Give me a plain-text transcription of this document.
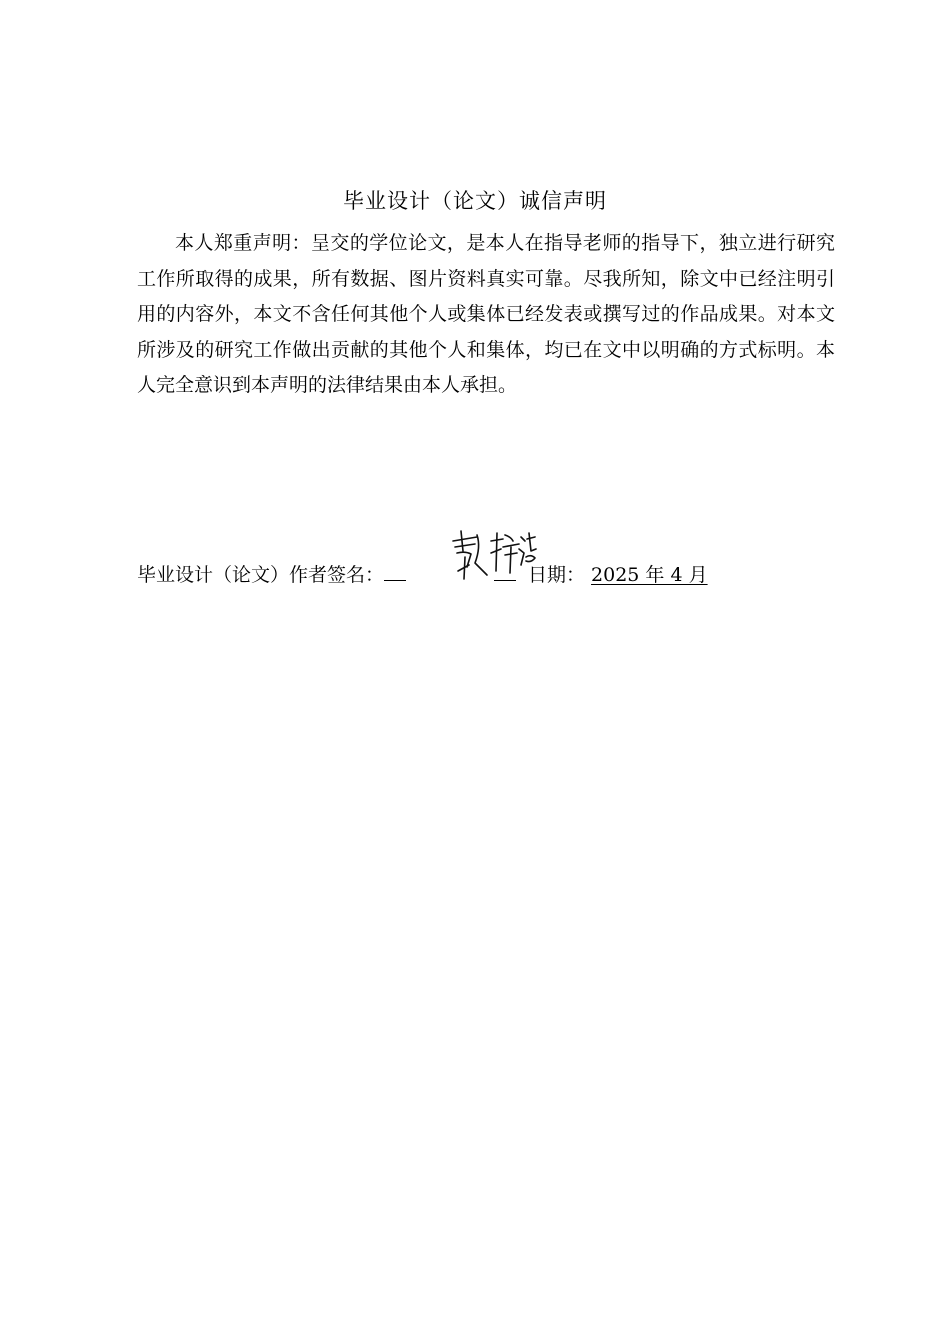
毕业设计（论文）诚信声明

本人郑重声明：呈交的学位论文，是本人在指导老师的指导下，独立进行研究工作所取得的成果，所有数据、图片资料真实可靠。尽我所知，除文中已经注明引用的内容外，本文不含任何其他个人或集体已经发表或撰写过的作品成果。对本文所涉及的研究工作做出贡献的其他个人和集体，均已在文中以明确的方式标明。本人完全意识到本声明的法律结果由本人承担。

毕业设计（论文）作者签名：	日期： 2025 年 4 月
